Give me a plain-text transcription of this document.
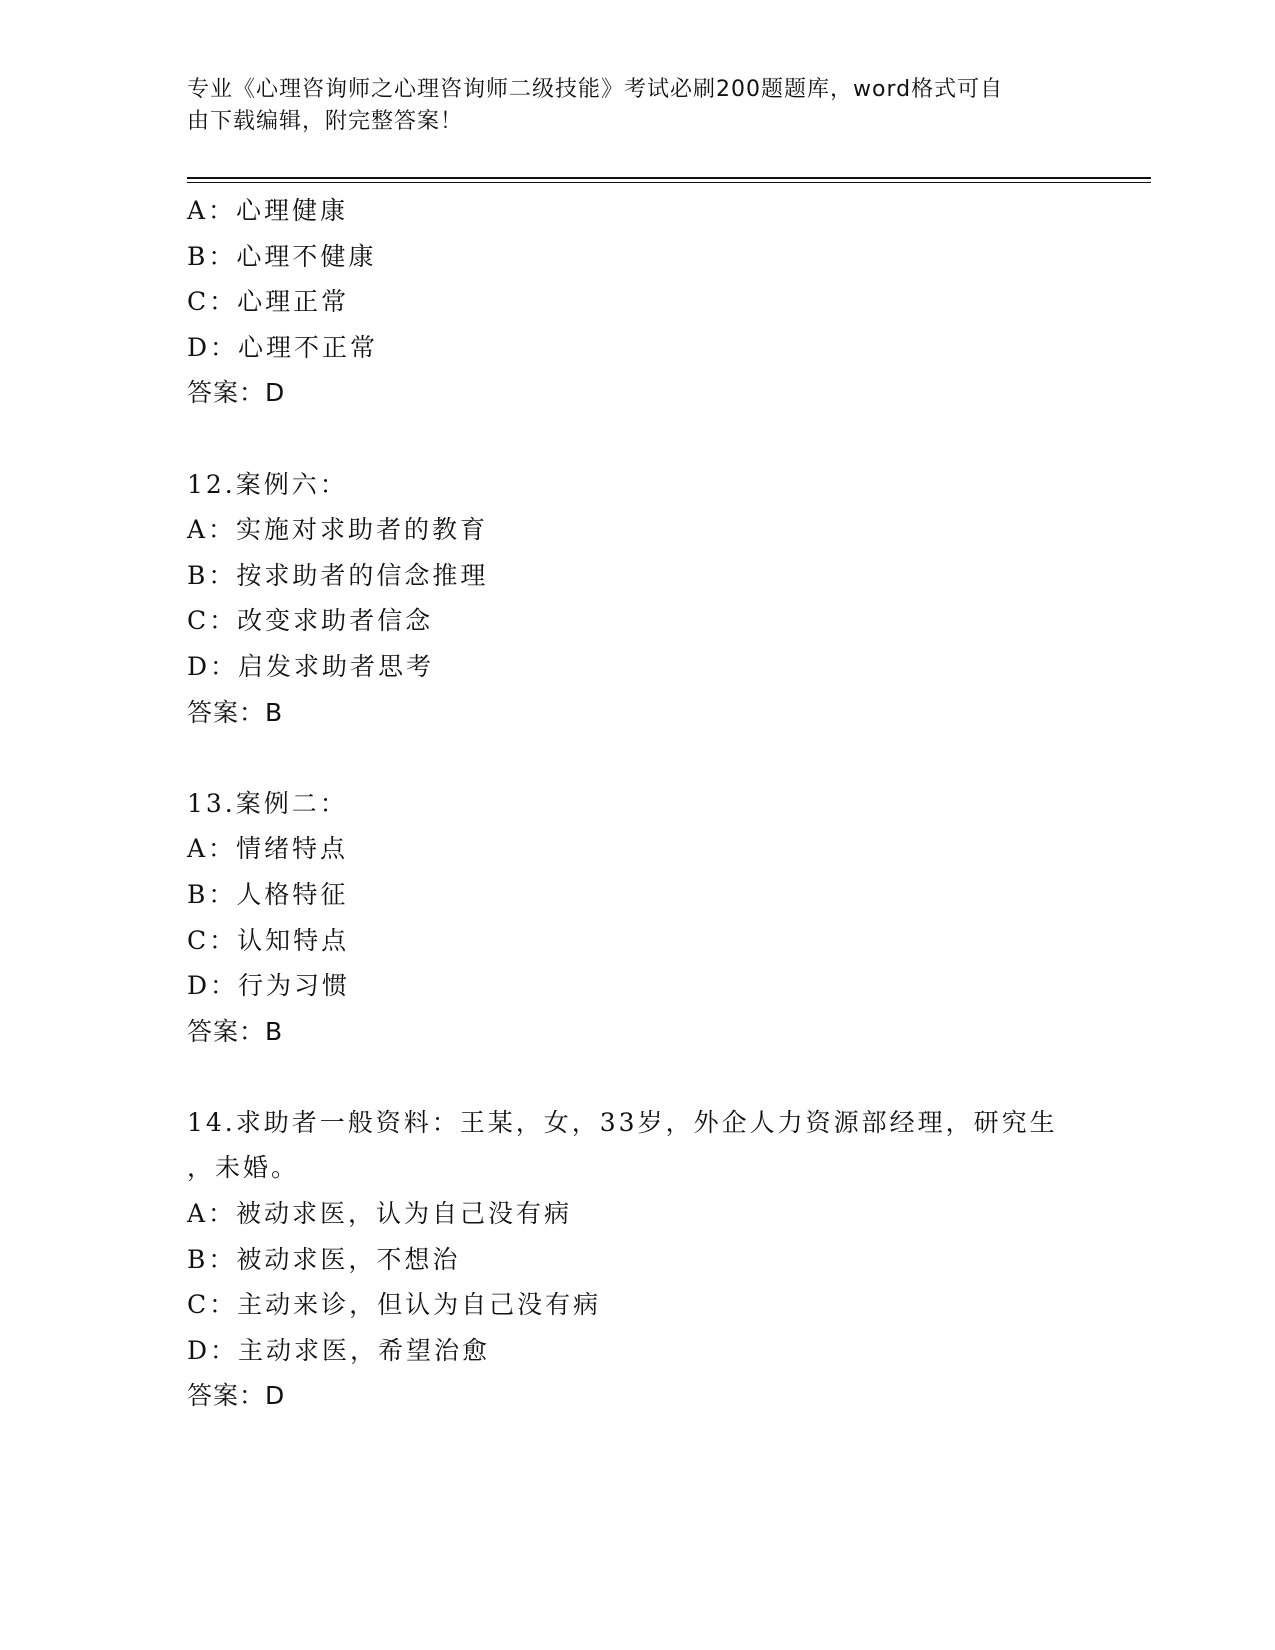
专业《心理咨询师之心理咨询师二级技能》考试必刷200题题库，word格式可自
由下载编辑，附完整答案！
A：心理健康
B：心理不健康
C：心理正常
D：心理不正常
答案：D
12.案例六：
A：实施对求助者的教育
B：按求助者的信念推理
C：改变求助者信念
D：启发求助者思考
答案：B
13.案例二：
A：情绪特点
B：人格特征
C：认知特点
D：行为习惯
答案：B
14.求助者一般资料：王某，女，33岁，外企人力资源部经理，研究生
，未婚。
A：被动求医，认为自己没有病
B：被动求医，不想治
C：主动来诊，但认为自己没有病
D：主动求医，希望治愈
答案：D
